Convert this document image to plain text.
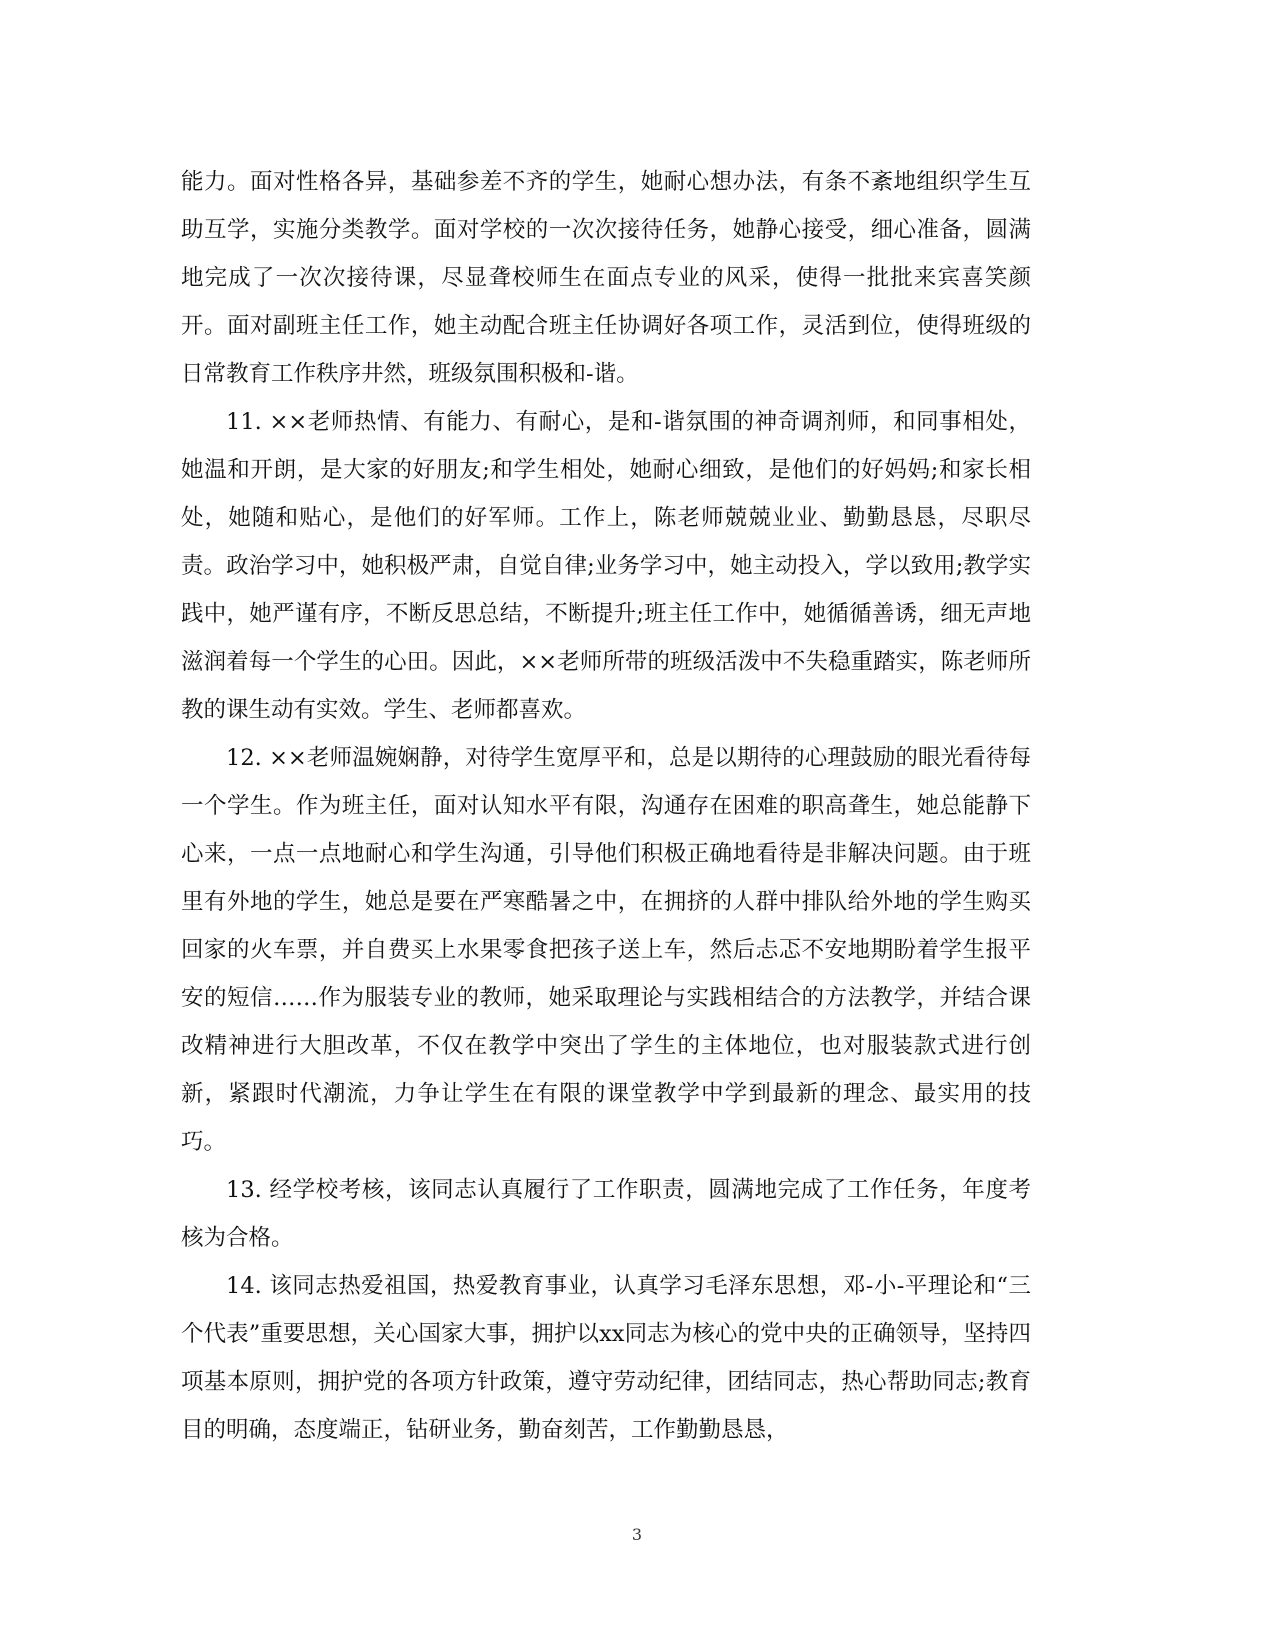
能力。面对性格各异，基础参差不齐的学生，她耐心想办法，有条不紊地组织学生互助互学，实施分类教学。面对学校的一次次接待任务，她静心接受，细心准备，圆满地完成了一次次接待课，尽显聋校师生在面点专业的风采，使得一批批来宾喜笑颜开。面对副班主任工作，她主动配合班主任协调好各项工作，灵活到位，使得班级的日常教育工作秩序井然，班级氛围积极和-谐。

11. ××老师热情、有能力、有耐心，是和-谐氛围的神奇调剂师，和同事相处，她温和开朗，是大家的好朋友;和学生相处，她耐心细致，是他们的好妈妈;和家长相处，她随和贴心，是他们的好军师。工作上，陈老师兢兢业业、勤勤恳恳，尽职尽责。政治学习中，她积极严肃，自觉自律;业务学习中，她主动投入，学以致用;教学实践中，她严谨有序，不断反思总结，不断提升;班主任工作中，她循循善诱，细无声地滋润着每一个学生的心田。因此，××老师所带的班级活泼中不失稳重踏实，陈老师所教的课生动有实效。学生、老师都喜欢。

12. ××老师温婉娴静，对待学生宽厚平和，总是以期待的心理鼓励的眼光看待每一个学生。作为班主任，面对认知水平有限，沟通存在困难的职高聋生，她总能静下心来，一点一点地耐心和学生沟通，引导他们积极正确地看待是非解决问题。由于班里有外地的学生，她总是要在严寒酷暑之中，在拥挤的人群中排队给外地的学生购买回家的火车票，并自费买上水果零食把孩子送上车，然后忐忑不安地期盼着学生报平安的短信……作为服装专业的教师，她采取理论与实践相结合的方法教学，并结合课改精神进行大胆改革，不仅在教学中突出了学生的主体地位，也对服装款式进行创新，紧跟时代潮流，力争让学生在有限的课堂教学中学到最新的理念、最实用的技巧。

13. 经学校考核，该同志认真履行了工作职责，圆满地完成了工作任务，年度考核为合格。

14. 该同志热爱祖国，热爱教育事业，认真学习毛泽东思想，邓-小-平理论和“三个代表”重要思想，关心国家大事，拥护以xx同志为核心的党中央的正确领导，坚持四项基本原则，拥护党的各项方针政策，遵守劳动纪律，团结同志，热心帮助同志;教育目的明确，态度端正，钻研业务，勤奋刻苦，工作勤勤恳恳，

3
